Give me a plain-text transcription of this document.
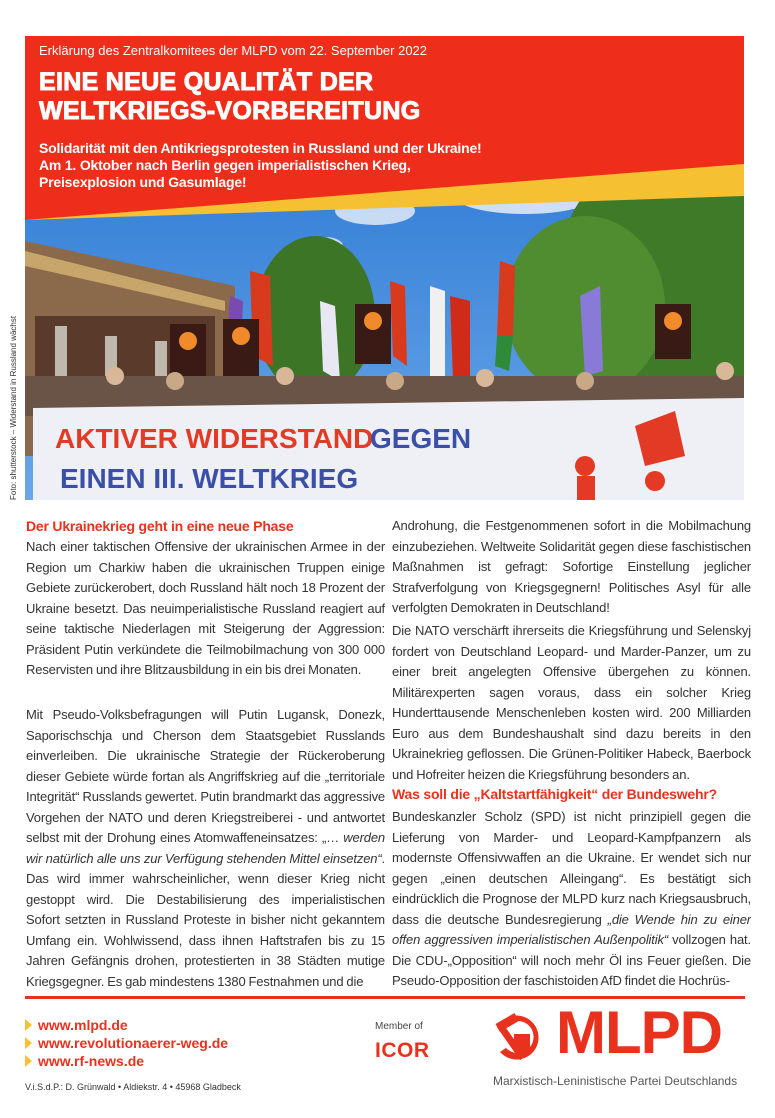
AKTIVER WIDERSTAND
GEGEN
EINEN III. WELTKRIEG
Erklärung des Zentralkomitees der MLPD vom 22. September 2022
EINE NEUE QUALITÄT DER
WELTKRIEGS-VORBEREITUNG
Solidarität mit den Antikriegsprotesten in Russland und der Ukraine!
Am 1. Oktober nach Berlin gegen imperialistischen Krieg,
Preisexplosion und Gasumlage!
Foto: shutterstock – Widerstand in Russland wächst
Der Ukrainekrieg geht in eine neue Phase

Nach einer taktischen Offensive der ukrainischen Armee in der Region um Charkiw haben die ukrainischen Truppen einige Gebiete zurückerobert, doch Russland hält noch 18 Prozent der Ukraine besetzt. Das neuimperialistische Russland reagiert auf seine taktische Niederlagen mit Steigerung der Aggression: Präsident Putin verkündete die Teilmobilmachung von 300 000 Reservisten und ihre Blitzausbildung in ein bis drei Monaten.

Mit Pseudo-Volksbefragungen will Putin Lugansk, Donezk, Saporischschja und Cherson dem Staatsgebiet Russlands einverleiben. Die ukrainische Strategie der Rückeroberung dieser Gebiete würde fortan als Angriffskrieg auf die „territoriale Integrität“ Russlands gewertet. Putin brandmarkt das aggressive Vorgehen der NATO und deren Kriegstreiberei - und antwortet selbst mit der Drohung eines Atomwaffeneinsatzes: „… werden wir natürlich alle uns zur Verfügung stehenden Mittel einsetzen“. Das wird immer wahrscheinlicher, wenn dieser Krieg nicht gestoppt wird. Die Destabilisierung des imperialistischen

Sofort setzten in Russland Proteste in bisher nicht gekanntem Umfang ein. Wohlwissend, dass ihnen Haftstrafen bis zu 15 Jahren Gefängnis drohen, protestierten in 38 Städten mutige Kriegsgegner. Es gab mindestens 1380 Festnahmen und die

Androhung, die Festgenommenen sofort in die Mobilmachung einzubeziehen. Weltweite Solidarität gegen diese faschistischen Maßnahmen ist gefragt: Sofortige Einstellung jeglicher Strafverfolgung von Kriegsgegnern! Politisches Asyl für alle verfolgten Demokraten in Deutschland!

Die NATO verschärft ihrerseits die Kriegsführung und Selenskyj fordert von Deutschland Leopard- und Marder-Panzer, um zu einer breit angelegten Offensive übergehen zu können. Militärexperten sagen voraus, dass ein solcher Krieg Hunderttausende Menschenleben kosten wird. 200 Milliarden Euro aus dem Bundeshaushalt sind dazu bereits in den Ukrainekrieg geflossen. Die Grünen-Politiker Habeck, Baerbock und Hofreiter heizen die Kriegsführung besonders an.

Was soll die „Kaltstartfähigkeit“ der Bundeswehr?

Bundeskanzler Scholz (SPD) ist nicht prinzipiell gegen die Lieferung von Marder- und Leopard-Kampfpanzern als modernste Offensivwaffen an die Ukraine. Er wendet sich nur gegen „einen deutschen Alleingang“. Es bestätigt sich eindrücklich die Prognose der MLPD kurz nach Kriegsausbruch, dass die deutsche Bundesregierung „die Wende hin zu einer offen aggressiven imperialistischen Außenpolitik“ vollzogen hat. Die CDU-„Opposition“ will noch mehr Öl ins Feuer gießen. Die Pseudo-Opposition der faschistoiden AfD findet die Hochrüs-

www.mlpd.de
www.revolutionaerer-weg.de
www.rf-news.de
V.i.S.d.P.: D. Grünwald • Aldiekstr. 4 • 45968 Gladbeck
Member of
ICOR MLPD
Marxistisch-Leninistische Partei Deutschlands
